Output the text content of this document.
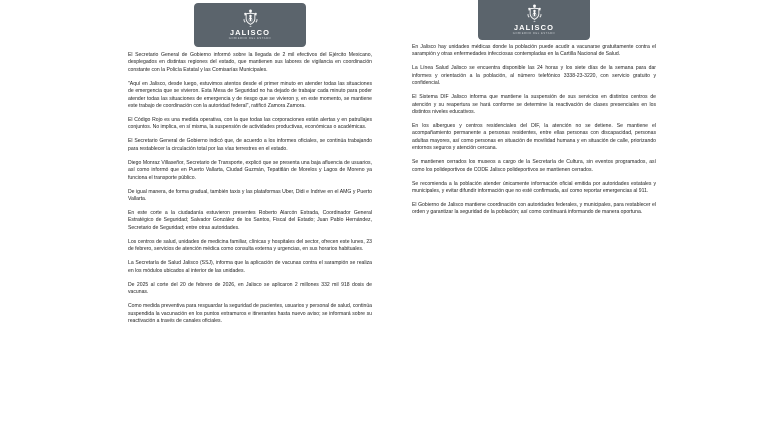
JALISCO
GOBIERNO DEL ESTADO

El Secretario General de Gobierno informó sobre la llegada de 2 mil efectivos del Ejército Mexicano, desplegados en distintas regiones del estado, que mantienen sus labores de vigilancia en coordinación constante con la Policía Estatal y las Comisarías Municipales.

"Aquí en Jalisco, desde luego, estuvimos atentos desde el primer minuto en atender todas las situaciones de emergencia que se vivieron. Esta Mesa de Seguridad no ha dejado de trabajar cada minuto para poder atender todas las situaciones de emergencia y de riesgo que se vivieron y, en este momento, se mantiene este trabajo de coordinación con la autoridad federal", ratificó Zamora Zamora.

El Código Rojo es una medida operativa, con la que todas las corporaciones están alertas y en patrullajes conjuntos. No implica, en sí misma, la suspensión de actividades productivas, económicas o académicas.

El Secretario General de Gobierno indicó que, de acuerdo a los informes oficiales, se continúa trabajando para restablecer la circulación total por las vías terrestres en el estado.

Diego Monraz Villaseñor, Secretario de Transporte, explicó que se presenta una baja afluencia de usuarios, así como informó que en Puerto Vallarta, Ciudad Guzmán, Tepatitlán de Morelos y Lagos de Moreno ya funciona el transporte público.

De igual manera, de forma gradual, también taxis y las plataformas Uber, Didi e Indrive en el AMG y Puerto Vallarta.

En este corte a la ciudadanía estuvieron presentes Roberto Alarcón Estrada, Coordinador General Estratégico de Seguridad; Salvador González de los Santos, Fiscal del Estado; Juan Pablo Hernández, Secretario de Seguridad; entre otras autoridades.

Los centros de salud, unidades de medicina familiar, clínicas y hospitales del sector, ofrecen este lunes, 23 de febrero, servicios de atención médica como consulta externa y urgencias, en sus horarios habituales.

La Secretaría de Salud Jalisco (SSJ), informa que la aplicación de vacunas contra el sarampión se realiza en los módulos ubicados al interior de las unidades.

De 2025 al corte del 20 de febrero de 2026, en Jalisco se aplicaron 2 millones 332 mil 918 dosis de vacunas.

Como medida preventiva para resguardar la seguridad de pacientes, usuarios y personal de salud, continúa suspendida la vacunación en los puntos extramuros e itinerantes hasta nuevo aviso; se informará sobre su reactivación a través de canales oficiales.

JALISCO
GOBIERNO DEL ESTADO

En Jalisco hay unidades médicas donde la población puede acudir a vacunarse gratuitamente contra el sarampión y otras enfermedades infecciosas contempladas en la Cartilla Nacional de Salud.

La Línea Salud Jalisco se encuentra disponible las 24 horas y los siete días de la semana para dar informes y orientación a la población, al número telefónico 3338-23-3220, con servicio gratuito y confidencial.

El Sistema DIF Jalisco informa que mantiene la suspensión de sus servicios en distintos centros de atención y su reapertura se hará conforme se determine la reactivación de clases presenciales en los distintos niveles educativos.

En los albergues y centros residenciales del DIF, la atención no se detiene. Se mantiene el acompañamiento permanente a personas residentes, entre ellas personas con discapacidad, personas adultas mayores, así como personas en situación de movilidad humana y en situación de calle, priorizando entornos seguros y atención cercana.

Se mantienen cerrados los museos a cargo de la Secretaría de Cultura, sin eventos programados, así como los polideportivos de CODE Jalisco polideportivos se mantienen cerrados.

Se recomienda a la población atender únicamente información oficial emitida por autoridades estatales y municipales, y evitar difundir información que no esté confirmada, así como reportar emergencias al 911.

El Gobierno de Jalisco mantiene coordinación con autoridades federales, y municipales, para restablecer el orden y garantizar la seguridad de la población; así como continuará informando de manera oportuna.
